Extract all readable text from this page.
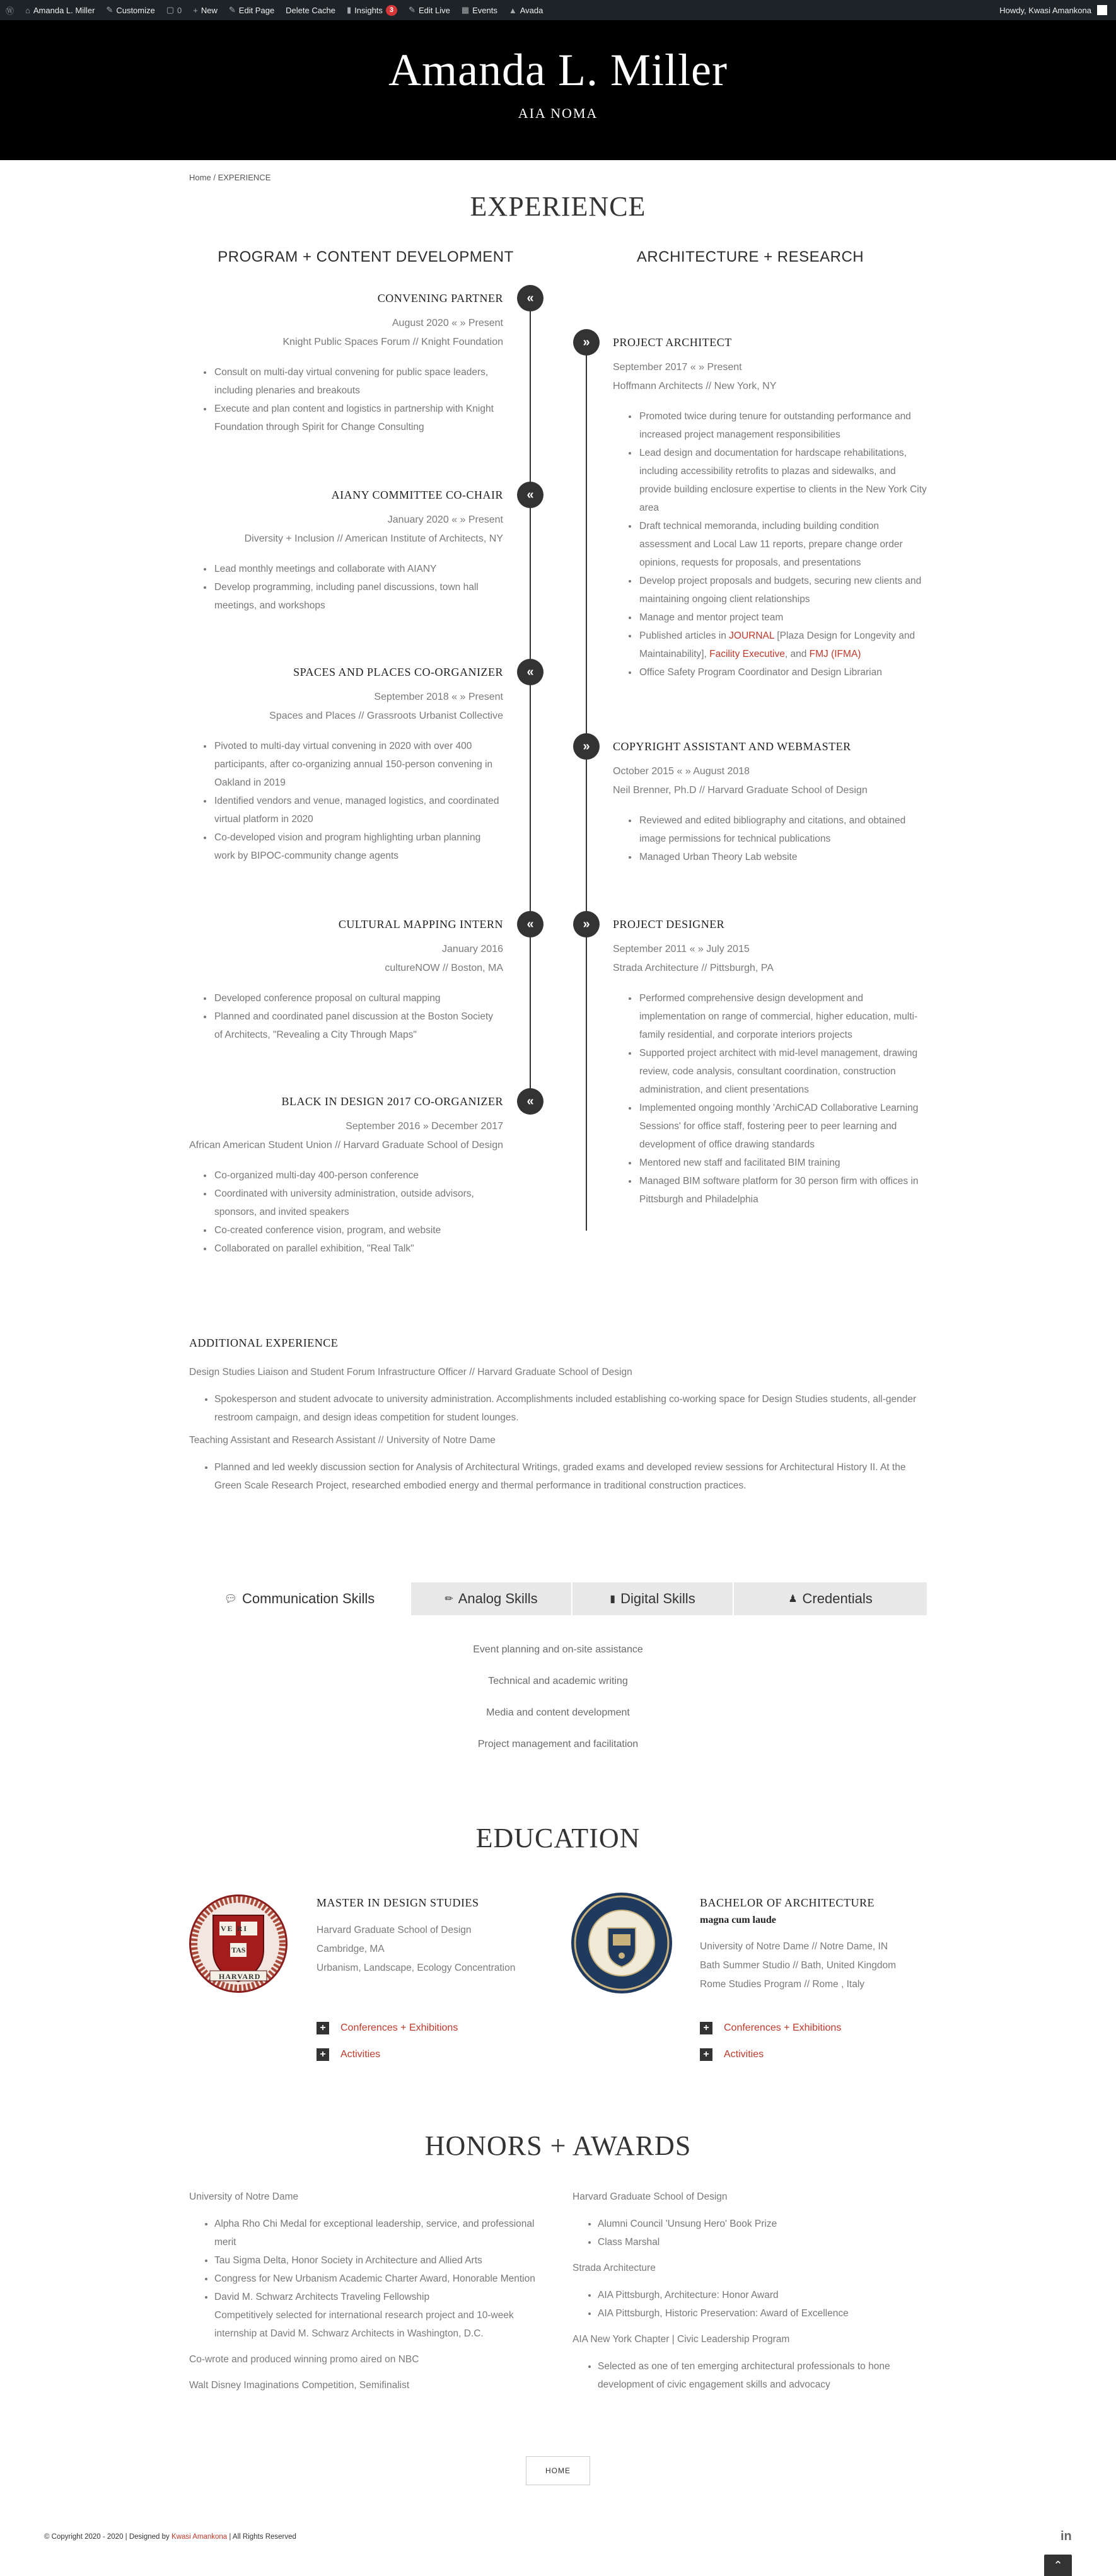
Ⓦ ⌂ Amanda L. Miller ✎ Customize ▢ 0 + New ✎ Edit Page Delete Cache ▮ Insights	3	✎ Edit Live ▦ Events ▲ Avada	Howdy, Kwasi Amankona
Amanda L. Miller
AIA NOMA
Home / EXPERIENCE
EXPERIENCE
PROGRAM + CONTENT DEVELOPMENT	ARCHITECTURE + RESEARCH
«
«
«
«
«
»
»
»
CONVENING PARTNER
August 2020 « » Present
Knight Public Spaces Forum // Knight Foundation
• Consult on multi-day virtual convening for public space leaders, including plenaries and breakouts
• Execute and plan content and logistics in partnership with Knight Foundation through Spirit for Change Consulting
AIANY COMMITTEE CO-CHAIR
January 2020 « » Present
Diversity + Inclusion // American Institute of Architects, NY
• Lead monthly meetings and collaborate with AIANY
• Develop programming, including panel discussions, town hall meetings, and workshops
SPACES AND PLACES CO-ORGANIZER
September 2018 « » Present
Spaces and Places // Grassroots Urbanist Collective
• Pivoted to multi-day virtual convening in 2020 with over 400 participants, after co-organizing annual 150-person convening in Oakland in 2019
• Identified vendors and venue, managed logistics, and coordinated virtual platform in 2020
• Co-developed vision and program highlighting urban planning work by BIPOC-community change agents
CULTURAL MAPPING INTERN
January 2016
cultureNOW // Boston, MA
• Developed conference proposal on cultural mapping
• Planned and coordinated panel discussion at the Boston Society of Architects, "Revealing a City Through Maps"
BLACK IN DESIGN 2017 CO-ORGANIZER
September 2016 » December 2017
African American Student Union // Harvard Graduate School of Design
• Co-organized multi-day 400-person conference
• Coordinated with university administration, outside advisors, sponsors, and invited speakers
• Co-created conference vision, program, and website
• Collaborated on parallel exhibition, "Real Talk"
PROJECT ARCHITECT
September 2017 « » Present
Hoffmann Architects // New York, NY
• Promoted twice during tenure for outstanding performance and increased project management responsibilities
• Lead design and documentation for hardscape rehabilitations, including accessibility retrofits to plazas and sidewalks, and provide building enclosure expertise to clients in the New York City area
• Draft technical memoranda, including building condition assessment and Local Law 11 reports, prepare change order opinions, requests for proposals, and presentations
• Develop project proposals and budgets, securing new clients and maintaining ongoing client relationships
• Manage and mentor project team
• Published articles in JOURNAL [Plaza Design for Longevity and Maintainability], Facility Executive, and FMJ (IFMA)
• Office Safety Program Coordinator and Design Librarian
COPYRIGHT ASSISTANT AND WEBMASTER
October 2015 « » August 2018
Neil Brenner, Ph.D // Harvard Graduate School of Design
• Reviewed and edited bibliography and citations, and obtained image permissions for technical publications
• Managed Urban Theory Lab website
PROJECT DESIGNER
September 2011 « » July 2015
Strada Architecture // Pittsburgh, PA
• Performed comprehensive design development and implementation on range of commercial, higher education, multi-family residential, and corporate interiors projects
• Supported project architect with mid-level management, drawing review, code analysis, consultant coordination, construction administration, and client presentations
• Implemented ongoing monthly 'ArchiCAD Collaborative Learning Sessions' for office staff, fostering peer to peer learning and development of office drawing standards
• Mentored new staff and facilitated BIM training
• Managed BIM software platform for 30 person firm with offices in Pittsburgh and Philadelphia
ADDITIONAL EXPERIENCE
Design Studies Liaison and Student Forum Infrastructure Officer // Harvard Graduate School of Design
• Spokesperson and student advocate to university administration. Accomplishments included establishing co-working space for Design Studies students, all-gender restroom campaign, and design ideas competition for student lounges.
Teaching Assistant and Research Assistant // University of Notre Dame
• Planned and led weekly discussion section for Analysis of Architectural Writings, graded exams and developed review sessions for Architectural History II. At the Green Scale Research Project, researched embodied energy and thermal performance in traditional construction practices.
💬︎ Communication Skills	✏︎ Analog Skills	▮ Digital Skills	♟︎ Credentials
Event planning and on-site assistance
Technical and academic writing
Media and content development
Project management and facilitation
EDUCATION
VE RI
TAS
HARVARD
MASTER IN DESIGN STUDIES
Harvard Graduate School of Design
Cambridge, MA
Urbanism, Landscape, Ecology Concentration
+	Conferences + Exhibitions
+	Activities
BACHELOR OF ARCHITECTURE
magna cum laude
University of Notre Dame // Notre Dame, IN
Bath Summer Studio // Bath, United Kingdom
Rome Studies Program // Rome , Italy
+	Conferences + Exhibitions
+	Activities
HONORS + AWARDS
University of Notre Dame
• Alpha Rho Chi Medal for exceptional leadership, service, and professional merit
• Tau Sigma Delta, Honor Society in Architecture and Allied Arts
• Congress for New Urbanism Academic Charter Award, Honorable Mention
• David M. Schwarz Architects Traveling Fellowship
Competitively selected for international research project and 10-week internship at David M. Schwarz Architects in Washington, D.C.
Co-wrote and produced winning promo aired on NBC
Walt Disney Imaginations Competition, Semifinalist
Harvard Graduate School of Design
• Alumni Council 'Unsung Hero' Book Prize
• Class Marshal
Strada Architecture
• AIA Pittsburgh, Architecture: Honor Award
• AIA Pittsburgh, Historic Preservation: Award of Excellence
AIA New York Chapter | Civic Leadership Program
• Selected as one of ten emerging architectural professionals to hone development of civic engagement skills and advocacy
HOME
© Copyright 2020 - 2020 | Designed by Kwasi Amankona | All Rights Reserved	in
⌃
